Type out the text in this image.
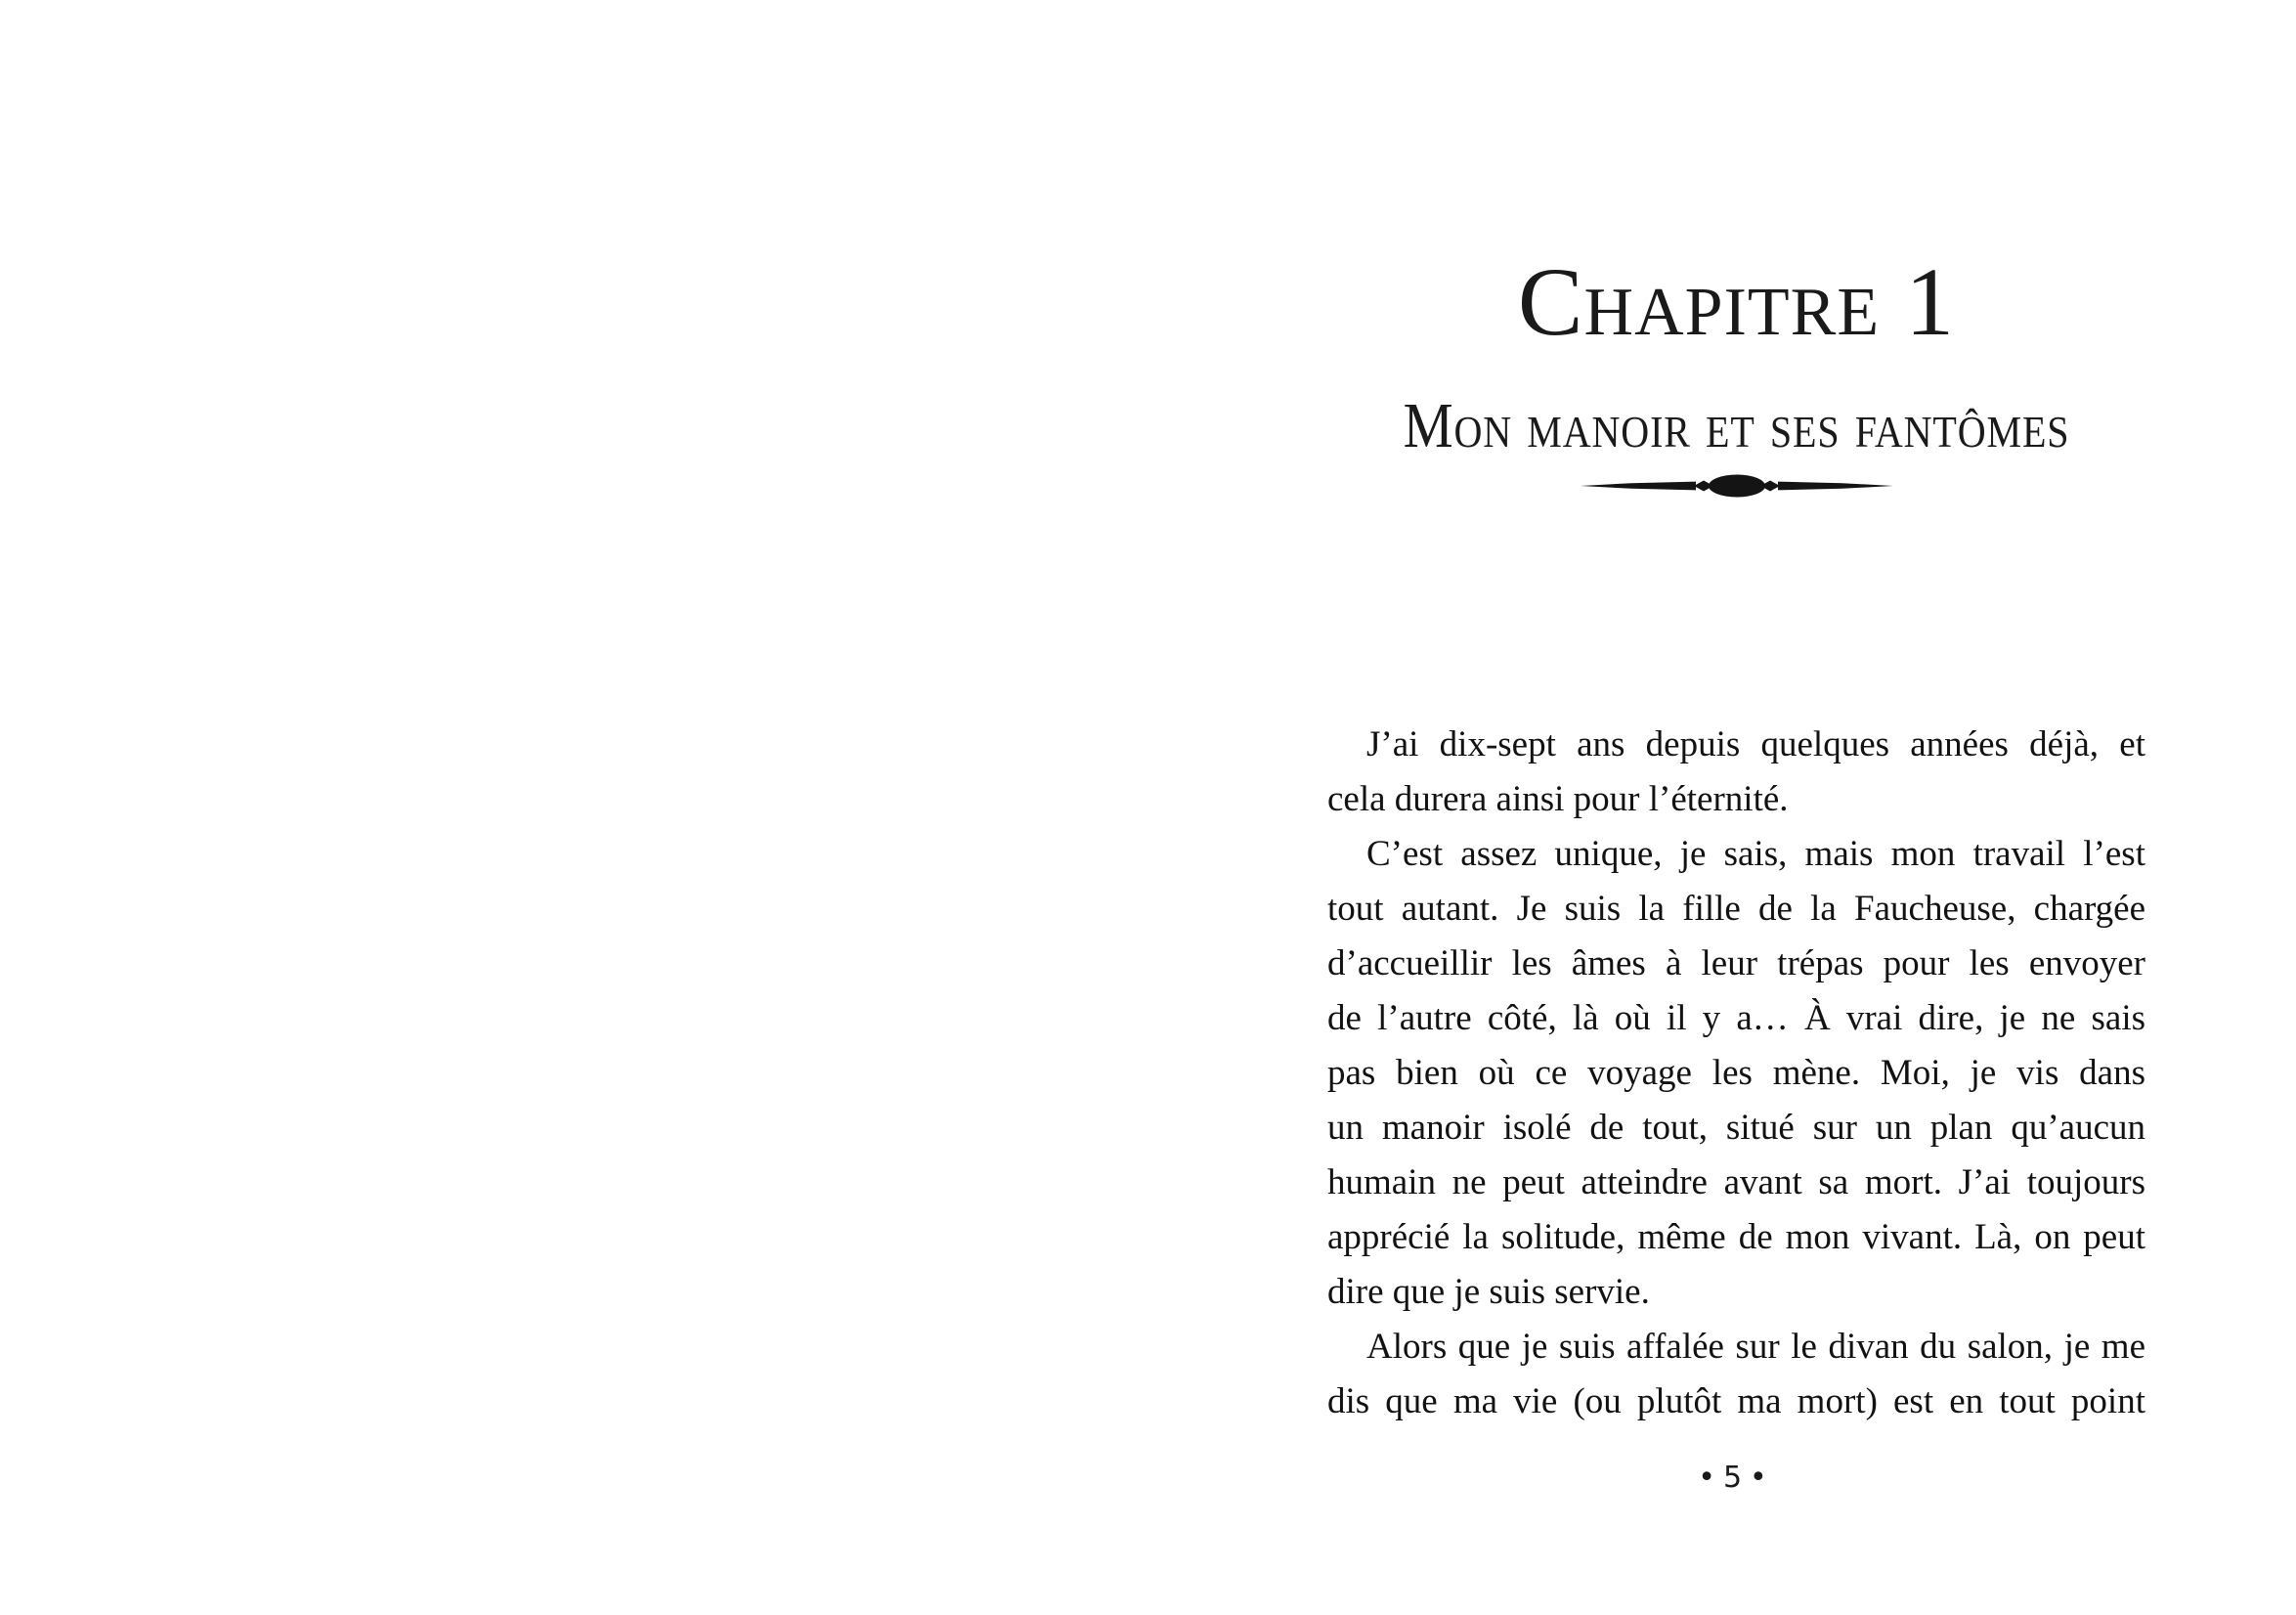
Chapitre 1
Mon manoir et ses fantômes
J’ai dix-sept ans depuis quelques années déjà, et
cela durera ainsi pour l’éternité.
C’est assez unique, je sais, mais mon travail l’est
tout autant. Je suis la fille de la Faucheuse, chargée
d’accueillir les âmes à leur trépas pour les envoyer
de l’autre côté, là où il y a… À vrai dire, je ne sais
pas bien où ce voyage les mène. Moi, je vis dans
un manoir isolé de tout, situé sur un plan qu’aucun
humain ne peut atteindre avant sa mort. J’ai toujours
apprécié la solitude, même de mon vivant. Là, on peut
dire que je suis servie.
Alors que je suis affalée sur le divan du salon, je me
dis que ma vie (ou plutôt ma mort) est en tout point
•5•
